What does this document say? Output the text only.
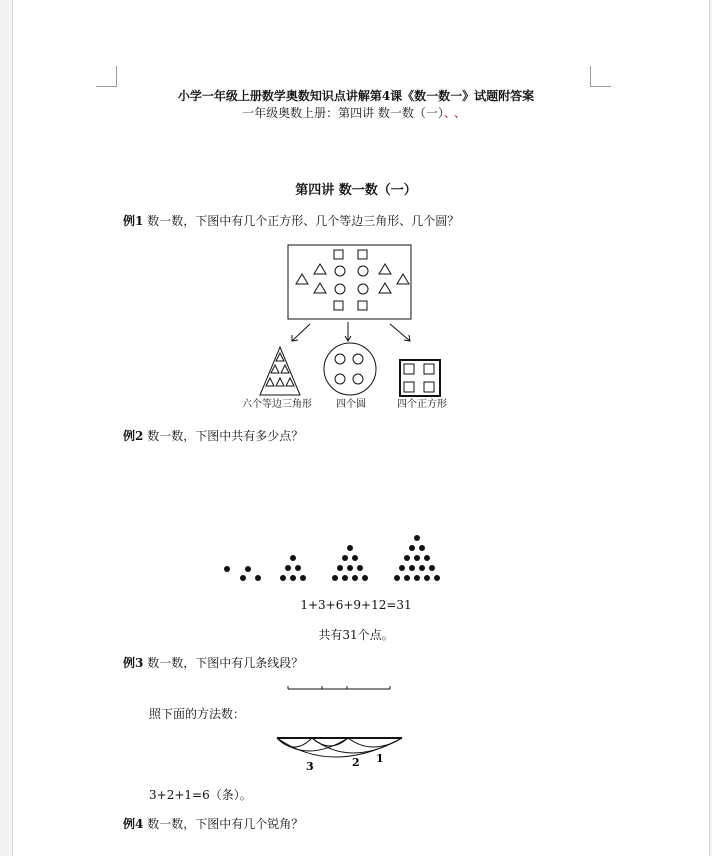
小学一年级上册数学奥数知识点讲解第4课《数一数一》试题附答案
一年级奥数上册：第四讲 数一数（一）、、
第四讲 数一数（一）
例1 数一数，下图中有几个正方形、几个等边三角形、几个圆？
六个等边三角形 四个圆	四个正方形
例2 数一数，下图中共有多少点？
1+3+6+9+12=31
共有31个点。
例3 数一数，下图中有几条线段？
照下面的方法数：
3	2 1
3+2+1=6（条）。
例4 数一数，下图中有几个锐角？
